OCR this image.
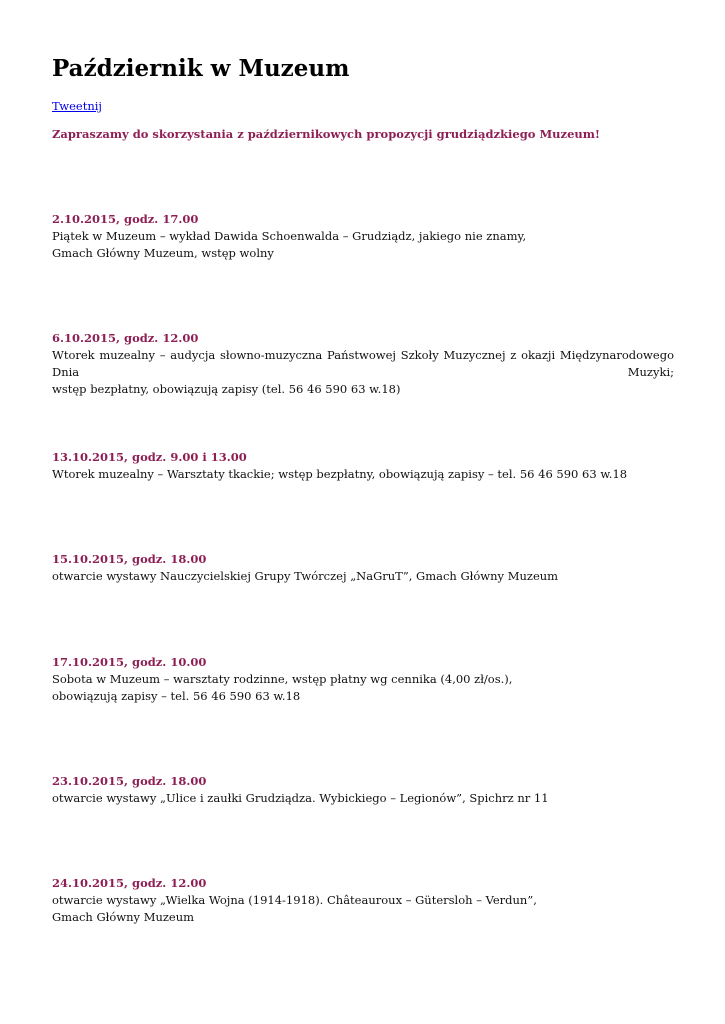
Październik w Muzeum
Tweetnij
Zapraszamy do skorzystania z październikowych propozycji grudziądzkiego Muzeum!
2.10.2015, godz. 17.00
Piątek w Muzeum – wykład Dawida Schoenwalda – Grudziądz, jakiego nie znamy,
Gmach Główny Muzeum, wstęp wolny
6.10.2015, godz. 12.00
Wtorek muzealny – audycja słowno-muzyczna Państwowej Szkoły Muzycznej z okazji Międzynarodowego Dnia Muzyki;
wstęp bezpłatny, obowiązują zapisy (tel. 56 46 590 63 w.18)
13.10.2015, godz. 9.00 i 13.00
Wtorek muzealny – Warsztaty tkackie; wstęp bezpłatny, obowiązują zapisy – tel. 56 46 590 63 w.18
15.10.2015, godz. 18.00
otwarcie wystawy Nauczycielskiej Grupy Twórczej „NaGruT”, Gmach Główny Muzeum
17.10.2015, godz. 10.00
Sobota w Muzeum – warsztaty rodzinne, wstęp płatny wg cennika (4,00 zł/os.),
obowiązują zapisy – tel. 56 46 590 63 w.18
23.10.2015, godz. 18.00
otwarcie wystawy „Ulice i zaułki Grudziądza. Wybickiego – Legionów”, Spichrz nr 11
24.10.2015, godz. 12.00
otwarcie wystawy „Wielka Wojna (1914-1918). Châteauroux – Gütersloh – Verdun”,
Gmach Główny Muzeum
